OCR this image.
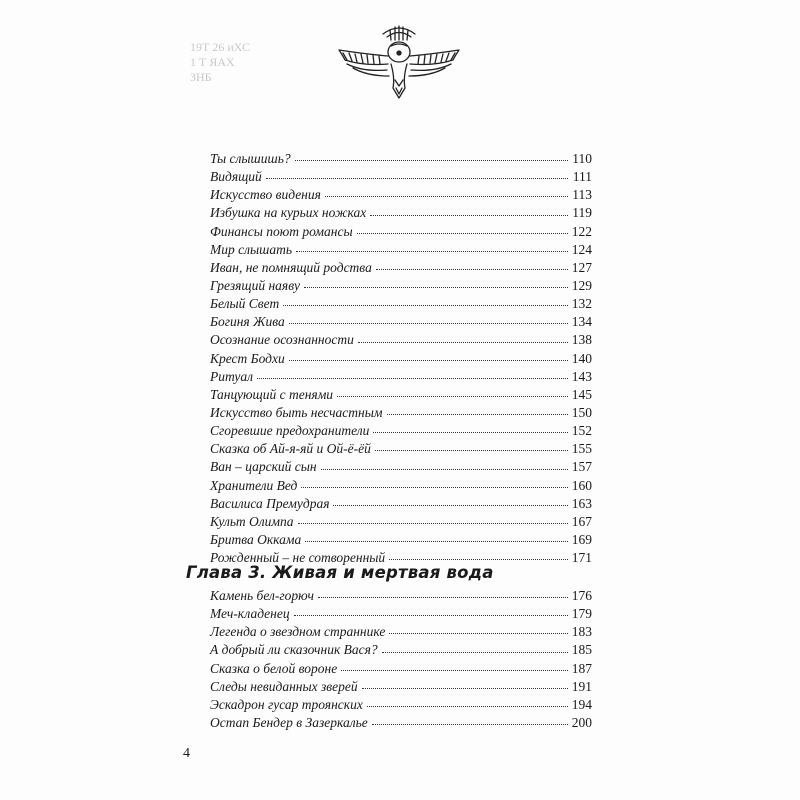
19Т 26 иХС
1 Т ЯАХ
ЗНБ
Ты слышишь?	110
Видящий	111
Искусство видения	113
Избушка на курьих ножках	119
Финансы поют романсы	122
Мир слышать	124
Иван, не помнящий родства	127
Грезящий наяву	129
Белый Свет	132
Богиня Жива	134
Осознание осознанности	138
Крест Бодхи	140
Ритуал	143
Танцующий с тенями	145
Искусство быть несчастным	150
Сгоревшие предохранители	152
Сказка об Ай-я-яй и Ой-ё-ёй	155
Ван – царский сын	157
Хранители Вед	160
Василиса Премудрая	163
Культ Олимпа	167
Бритва Оккама	169
Рожденный – не сотворенный	171
Глава 3. Живая и мертвая вода
Камень бел-горюч	176
Меч-кладенец	179
Легенда о звездном страннике	183
А добрый ли сказочник Вася?	185
Сказка о белой вороне	187
Следы невиданных зверей	191
Эскадрон гусар троянских	194
Остап Бендер в Зазеркалье	200
4
